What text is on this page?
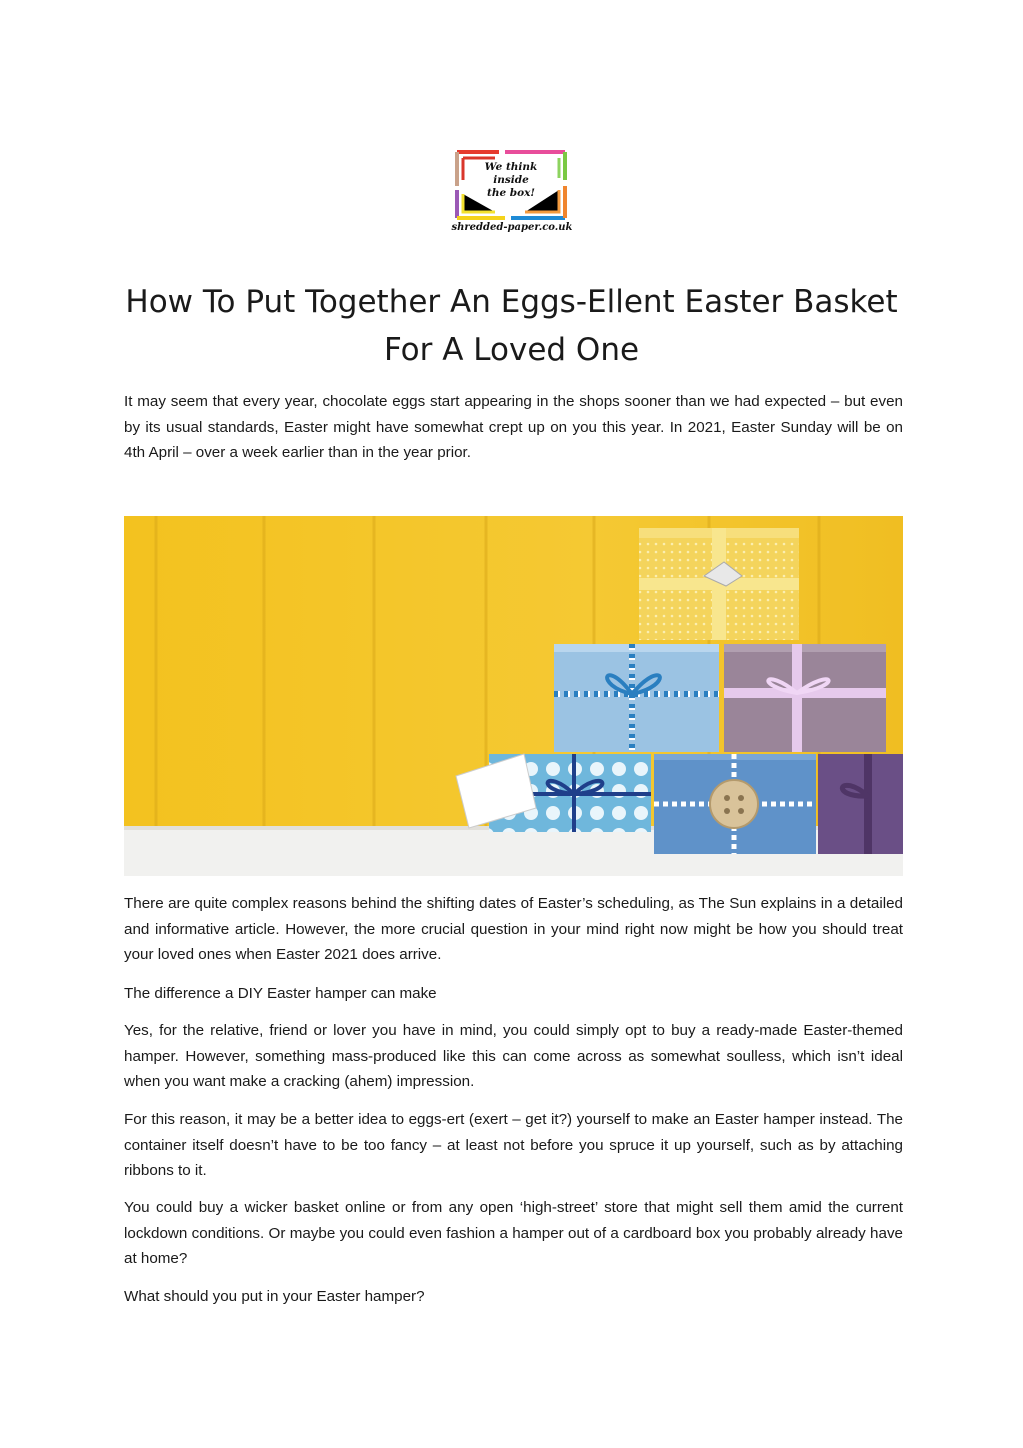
We think
inside
the box!
shredded-paper.co.uk
How To Put Together An Eggs-Ellent Easter Basket
For A Loved One

It may seem that every year, chocolate eggs start appearing in the shops sooner than we had expected – but even by its usual standards, Easter might have somewhat crept up on you this year. In 2021, Easter Sunday will be on 4th April – over a week earlier than in the year prior.

There are quite complex reasons behind the shifting dates of Easter’s scheduling, as The Sun explains in a detailed and informative article. However, the more crucial question in your mind right now might be how you should treat your loved ones when Easter 2021 does arrive.

The difference a DIY Easter hamper can make

Yes, for the relative, friend or lover you have in mind, you could simply opt to buy a ready-made Easter-themed hamper. However, something mass-produced like this can come across as somewhat soulless, which isn’t ideal when you want make a cracking (ahem) impression.

For this reason, it may be a better idea to eggs-ert (exert – get it?) yourself to make an Easter hamper instead. The container itself doesn’t have to be too fancy – at least not before you spruce it up yourself, such as by attaching ribbons to it.

You could buy a wicker basket online or from any open ‘high-street’ store that might sell them amid the current lockdown conditions. Or maybe you could even fashion a hamper out of a cardboard box you probably already have at home?

What should you put in your Easter hamper?
